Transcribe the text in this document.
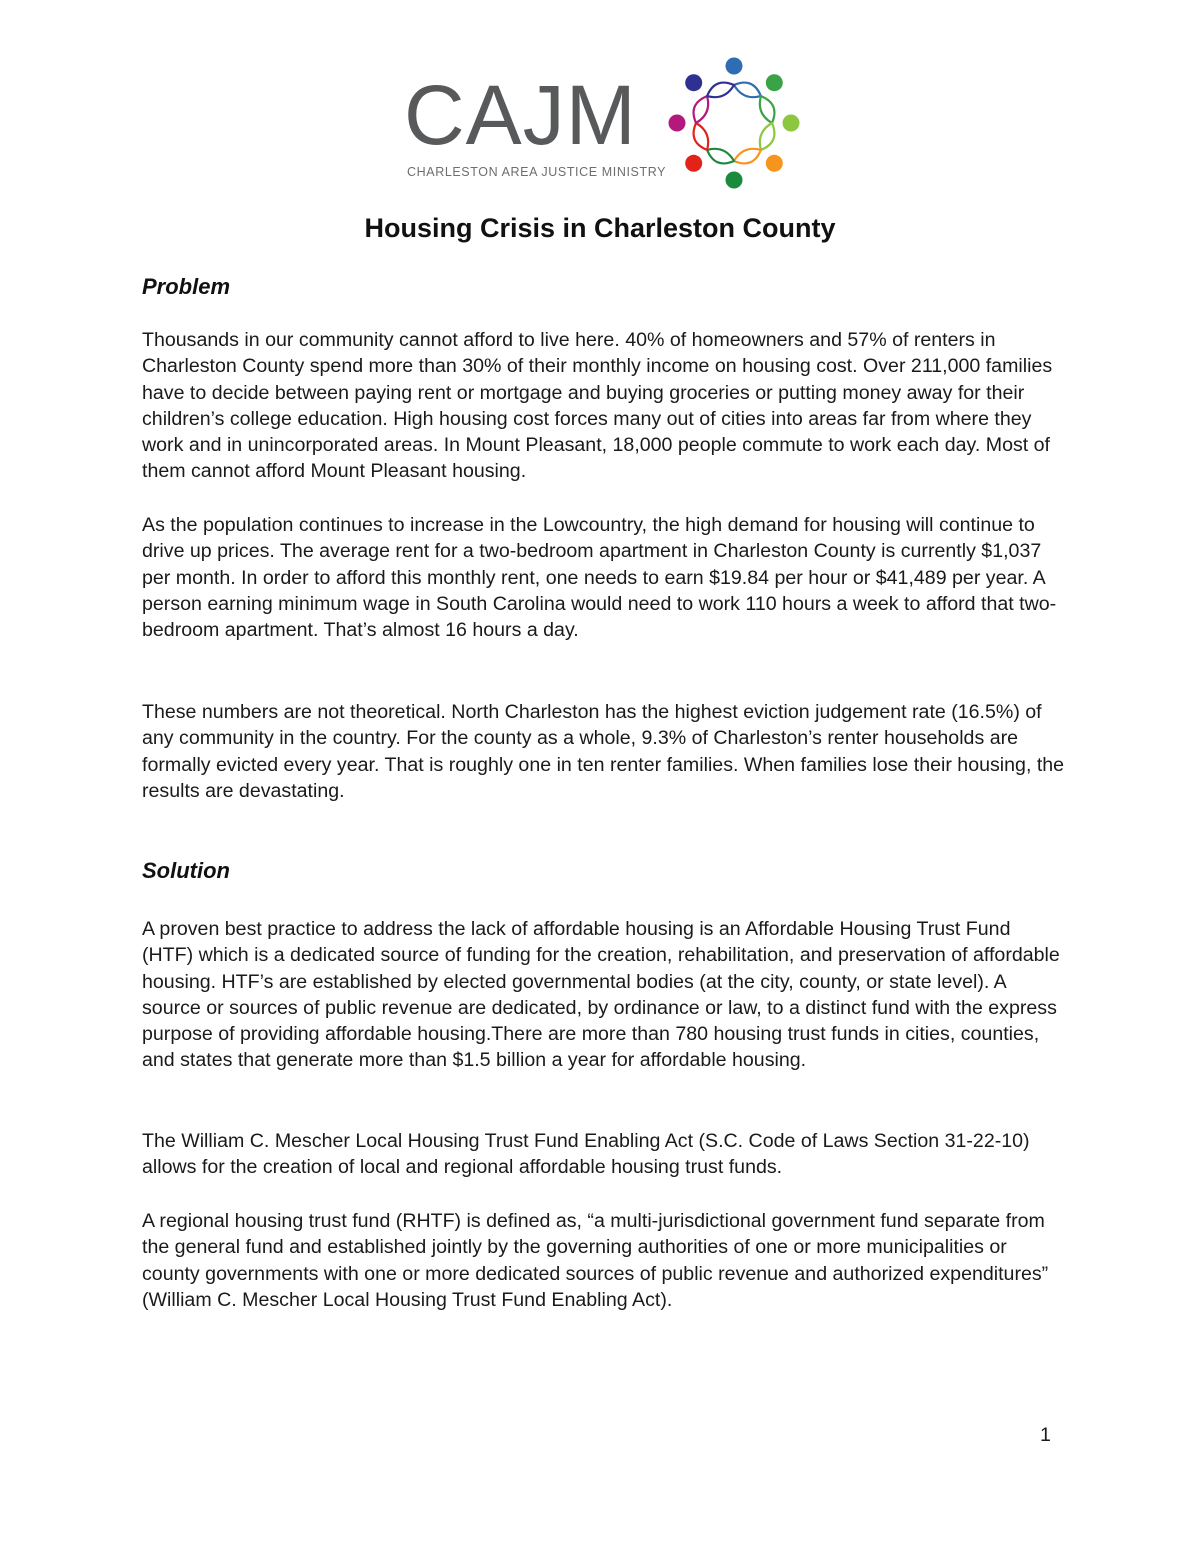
CAJM
CHARLESTON AREA JUSTICE MINISTRY
Housing Crisis in Charleston County
Problem

Thousands in our community cannot afford to live here. 40% of homeowners and 57% of renters in Charleston County spend more than 30% of their monthly income on housing cost. Over 211,000 families have to decide between paying rent or mortgage and buying groceries or putting money away for their children’s college education. High housing cost forces many out of cities into areas far from where they work and in unincorporated areas. In Mount Pleasant, 18,000 people commute to work each day. Most of them cannot afford Mount Pleasant housing.

As the population continues to increase in the Lowcountry, the high demand for housing will continue to drive up prices. The average rent for a two-bedroom apartment in Charleston County is currently $1,037 per month. In order to afford this monthly rent, one needs to earn $19.84 per hour or $41,489 per year. A person earning minimum wage in South Carolina would need to work 110 hours a week to afford that two-bedroom apartment. That’s almost 16 hours a day.

These numbers are not theoretical. North Charleston has the highest eviction judgement rate (16.5%) of any community in the country. For the county as a whole, 9.3% of Charleston’s renter households are formally evicted every year. That is roughly one in ten renter families. When families lose their housing, the results are devastating.

Solution

A proven best practice to address the lack of affordable housing is an Affordable Housing Trust Fund (HTF) which is a dedicated source of funding for the creation, rehabilitation, and preservation of affordable housing. HTF’s are established by elected governmental bodies (at the city, county, or state level). A source or sources of public revenue are dedicated, by ordinance or law, to a distinct fund with the express purpose of providing affordable housing.There are more than 780 housing trust funds in cities, counties, and states that generate more than $1.5 billion a year for affordable housing.

The William C. Mescher Local Housing Trust Fund Enabling Act (S.C. Code of Laws Section 31-22-10) allows for the creation of local and regional affordable housing trust funds.

A regional housing trust fund (RHTF) is defined as, “a multi-jurisdictional government fund separate from the general fund and established jointly by the governing authorities of one or more municipalities or county governments with one or more dedicated sources of public revenue and authorized expenditures” (William C. Mescher Local Housing Trust Fund Enabling Act).

1
